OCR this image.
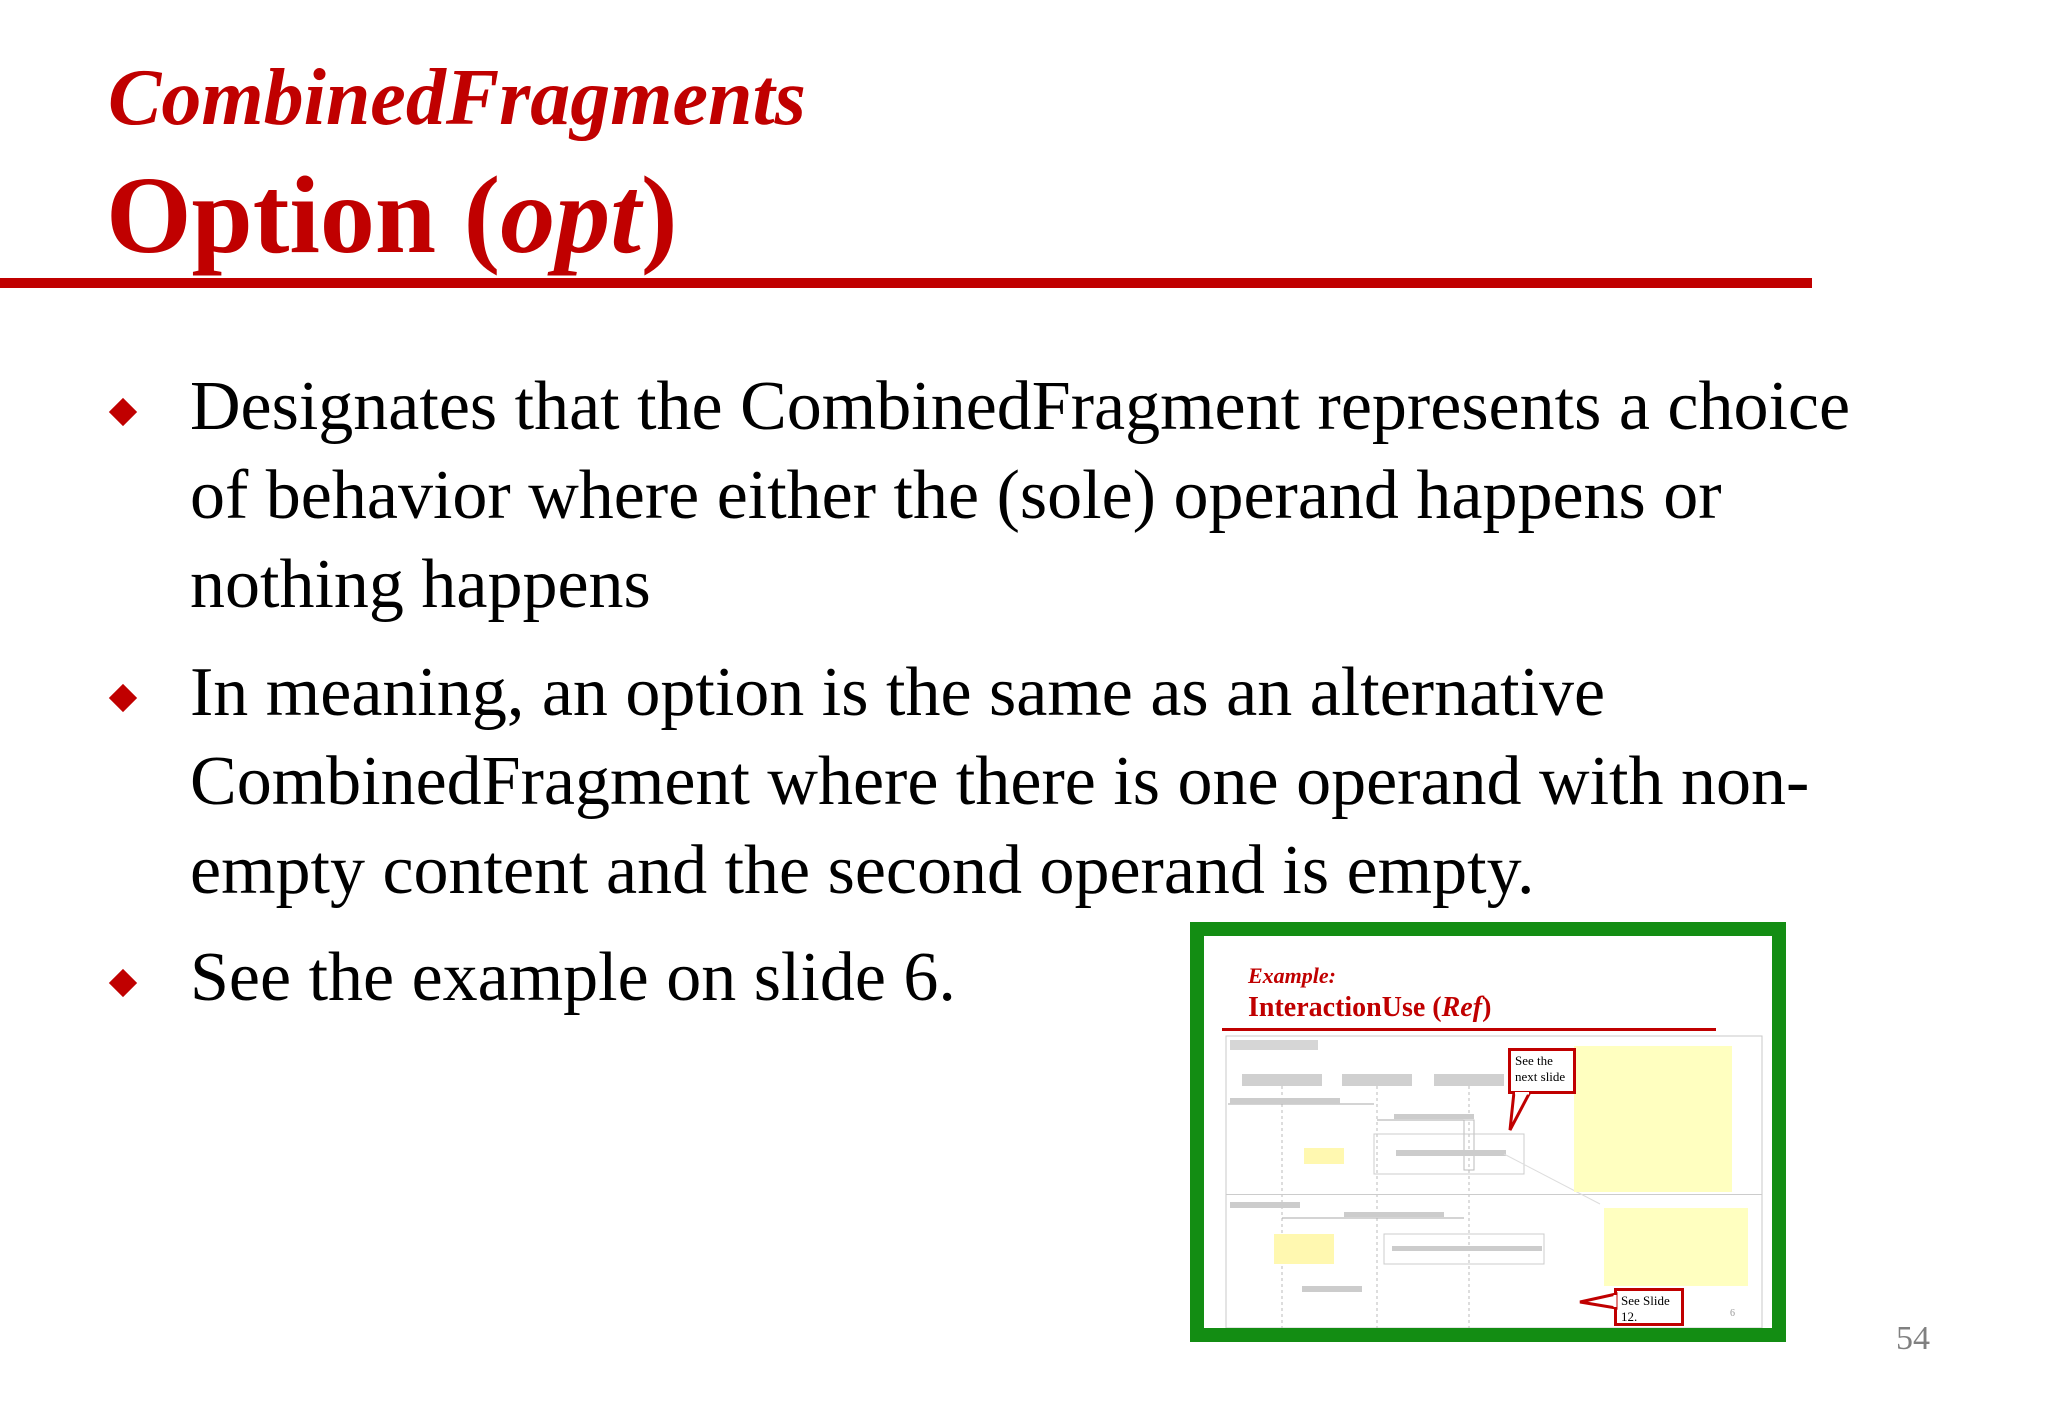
CombinedFragments
Option (opt)
Designates that the CombinedFragment represents a choice
of behavior where either the (sole) operand happens or
nothing happens
In meaning, an option is the same as an alternative
CombinedFragment where there is one operand with non-
empty content and the second operand is empty.
See the example on slide 6.	Example:
InteractionUse (Ref)
See the next slide
See Slide 12.	6
54
